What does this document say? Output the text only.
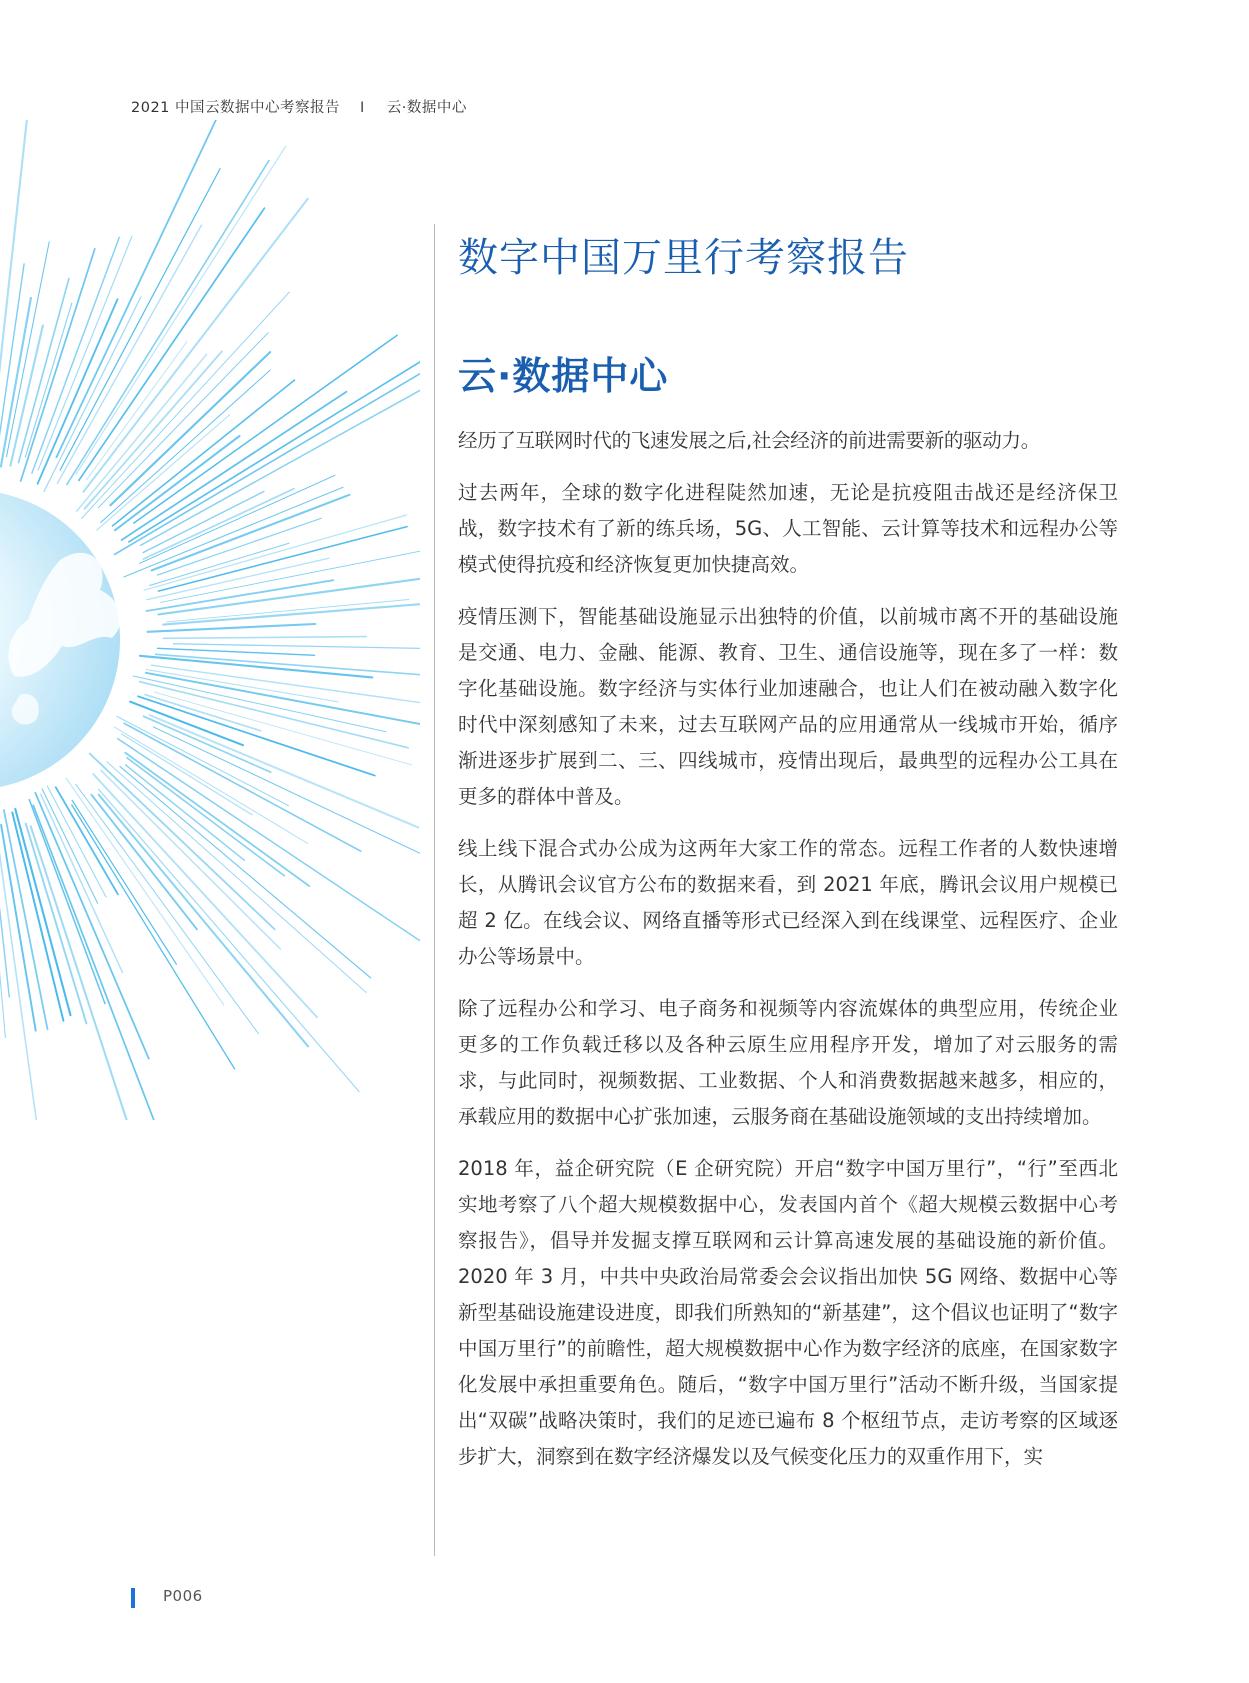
2021 中国云数据中心考察报告 I 云·数据中心
数字中国万里行考察报告
云·数据中心

经历了互联网时代的飞速发展之后,社会经济的前进需要新的驱动力。

过去两年，全球的数字化进程陡然加速，无论是抗疫阻击战还是经济保卫战，数字技术有了新的练兵场，5G、人工智能、云计算等技术和远程办公等模式使得抗疫和经济恢复更加快捷高效。

疫情压测下，智能基础设施显示出独特的价值，以前城市离不开的基础设施是交通、电力、金融、能源、教育、卫生、通信设施等，现在多了一样：数字化基础设施。数字经济与实体行业加速融合，也让人们在被动融入数字化时代中深刻感知了未来，过去互联网产品的应用通常从一线城市开始，循序渐进逐步扩展到二、三、四线城市，疫情出现后，最典型的远程办公工具在更多的群体中普及。

线上线下混合式办公成为这两年大家工作的常态。远程工作者的人数快速增长，从腾讯会议官方公布的数据来看，到 2021 年底，腾讯会议用户规模已超 2 亿。在线会议、网络直播等形式已经深入到在线课堂、远程医疗、企业办公等场景中。

除了远程办公和学习、电子商务和视频等内容流媒体的典型应用，传统企业更多的工作负载迁移以及各种云原生应用程序开发，增加了对云服务的需求，与此同时，视频数据、工业数据、个人和消费数据越来越多，相应的，承载应用的数据中心扩张加速，云服务商在基础设施领域的支出持续增加。

2018 年，益企研究院（E 企研究院）开启“数字中国万里行”，“行”至西北实地考察了八个超大规模数据中心，发表国内首个《超大规模云数据中心考察报告》，倡导并发掘支撑互联网和云计算高速发展的基础设施的新价值。2020 年 3 月，中共中央政治局常委会会议指出加快 5G 网络、数据中心等新型基础设施建设进度，即我们所熟知的“新基建”，这个倡议也证明了“数字中国万里行”的前瞻性，超大规模数据中心作为数字经济的底座，在国家数字化发展中承担重要角色。随后，“数字中国万里行”活动不断升级，当国家提出“双碳”战略决策时，我们的足迹已遍布 8 个枢纽节点，走访考察的区域逐步扩大，洞察到在数字经济爆发以及气候变化压力的双重作用下，实

P006
